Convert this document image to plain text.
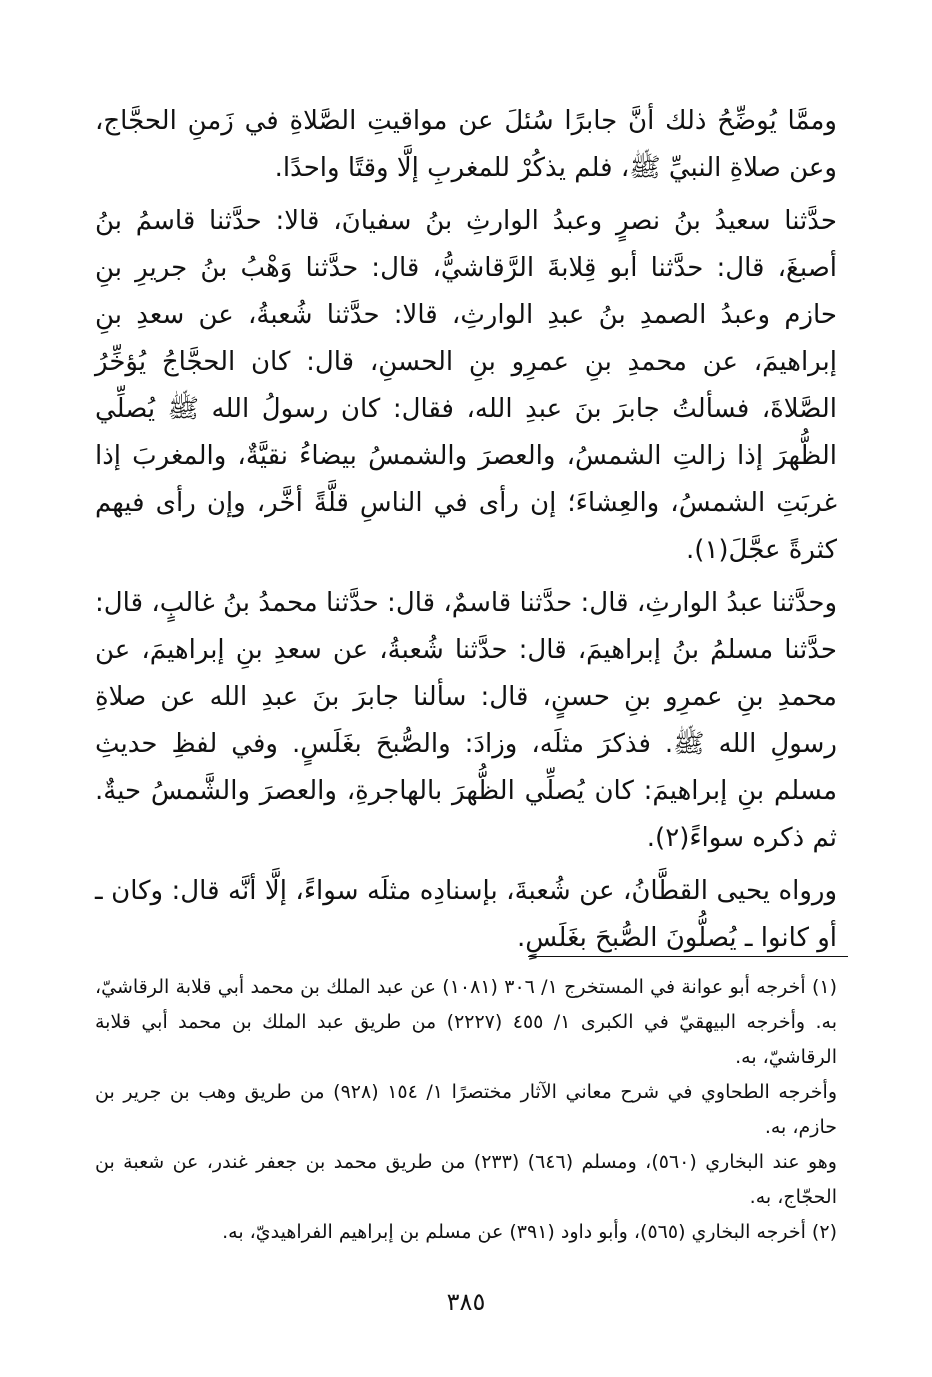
وممَّا يُوضِّحُ ذلك أنَّ جابرًا سُئلَ عن مواقيتِ الصَّلاةِ في زَمنِ الحجَّاج، وعن صلاةِ النبيِّ ﷺ، فلم يذكُرْ للمغربِ إلَّا وقتًا واحدًا.

حدَّثنا سعيدُ بنُ نصرٍ وعبدُ الوارثِ بنُ سفيانَ، قالا: حدَّثنا قاسمُ بنُ أصبغَ، قال: حدَّثنا أبو قِلابةَ الرَّقاشيُّ، قال: حدَّثنا وَهْبُ بنُ جريرِ بنِ حازم وعبدُ الصمدِ بنُ عبدِ الوارثِ، قالا: حدَّثنا شُعبةُ، عن سعدِ بنِ إبراهيمَ، عن محمدِ بنِ عمرِو بنِ الحسنِ، قال: كان الحجَّاجُ يُؤخِّرُ الصَّلاةَ، فسألتُ جابرَ بنَ عبدِ الله، فقال: كان رسولُ الله ﷺ يُصلِّي الظُّهرَ إذا زالتِ الشمسُ، والعصرَ والشمسُ بيضاءُ نقيَّةٌ، والمغربَ إذا غربَتِ الشمسُ، والعِشاءَ؛ إن رأى في الناسِ قلَّةً أخَّر، وإن رأى فيهم كثرةً عجَّلَ(١).

وحدَّثنا عبدُ الوارثِ، قال: حدَّثنا قاسمٌ، قال: حدَّثنا محمدُ بنُ غالبٍ، قال: حدَّثنا مسلمُ بنُ إبراهيمَ، قال: حدَّثنا شُعبةُ، عن سعدِ بنِ إبراهيمَ، عن محمدِ بنِ عمرِو بنِ حسنٍ، قال: سألنا جابرَ بنَ عبدِ الله عن صلاةِ رسولِ الله ﷺ. فذكرَ مثلَه، وزادَ: والصُّبحَ بغَلَسٍ. وفي لفظِ حديثِ مسلم بنِ إبراهيمَ: كان يُصلِّي الظُّهرَ بالهاجرةِ، والعصرَ والشَّمسُ حيةٌ. ثم ذكره سواءً(٢).

ورواه يحيى القطَّانُ، عن شُعبةَ، بإسنادِه مثلَه سواءً، إلَّا أنَّه قال: وكان ـ أو كانوا ـ يُصلُّونَ الصُّبحَ بغَلَسٍ.

(١) أخرجه أبو عوانة في المستخرج ١/ ٣٠٦ (١٠٨١) عن عبد الملك بن محمد أبي قلابة الرقاشيّ، به. وأخرجه البيهقيّ في الكبرى ١/ ٤٥٥ (٢٢٢٧) من طريق عبد الملك بن محمد أبي قلابة الرقاشيّ، به.

وأخرجه الطحاوي في شرح معاني الآثار مختصرًا ١/ ١٥٤ (٩٢٨) من طريق وهب بن جرير بن حازم، به.

وهو عند البخاري (٥٦٠)، ومسلم (٦٤٦) (٢٣٣) من طريق محمد بن جعفر غندر، عن شعبة بن الحجّاج، به.

(٢) أخرجه البخاري (٥٦٥)، وأبو داود (٣٩١) عن مسلم بن إبراهيم الفراهيديّ، به.

٣٨٥
